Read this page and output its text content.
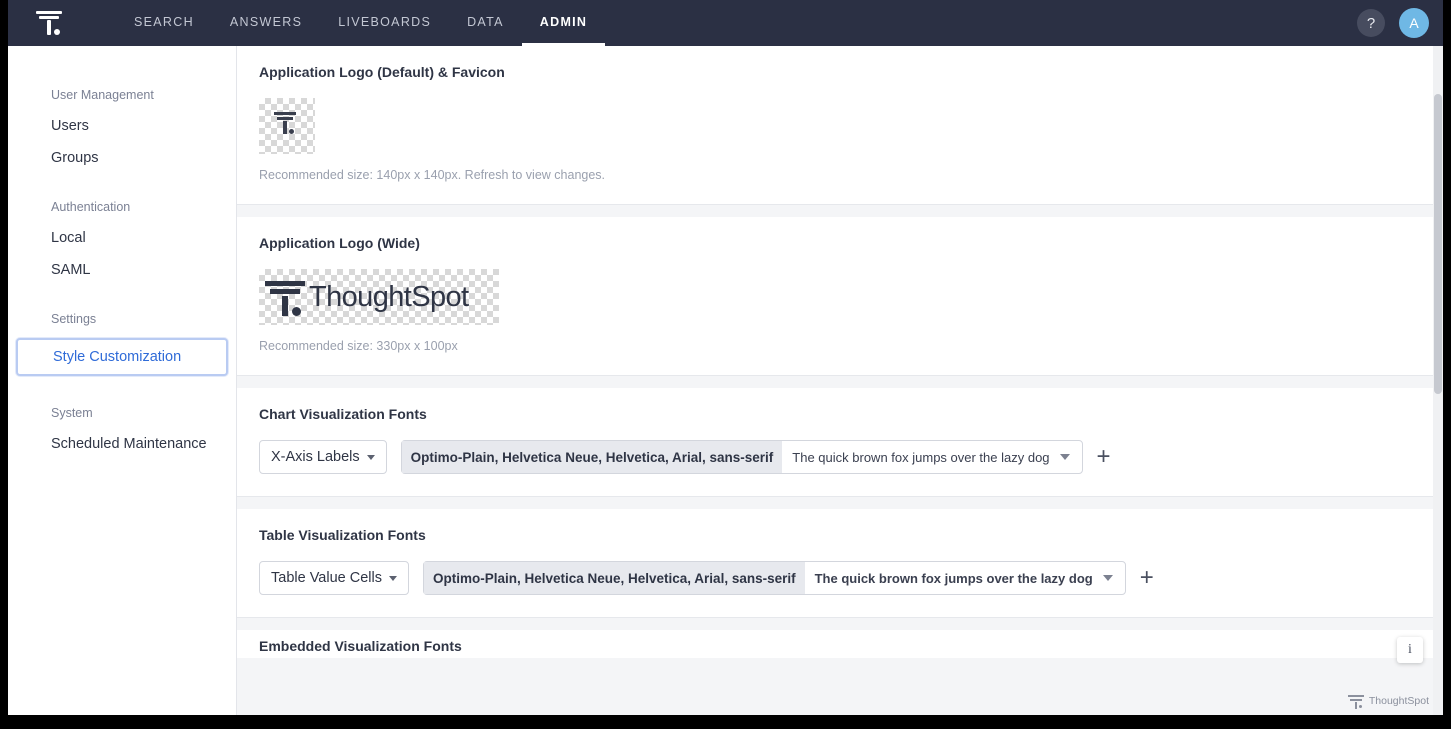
SEARCH	ANSWERS	LIVEBOARDS	DATA	ADMIN	?	A
User Management
Users
Groups
Authentication
Local
SAML
Settings
Style Customization
System
Scheduled Maintenance
Application Logo (Default) & Favicon
Recommended size: 140px x 140px. Refresh to view changes.
Application Logo (Wide)
ThoughtSpot
Recommended size: 330px x 100px
Chart Visualization Fonts
X-Axis Labels	Optimo-Plain, Helvetica Neue, Helvetica, Arial, sans-serif	The quick brown fox jumps over the lazy dog	+
Table Visualization Fonts
Table Value Cells	Optimo-Plain, Helvetica Neue, Helvetica, Arial, sans-serif	The quick brown fox jumps over the lazy dog	+
Embedded Visualization Fonts	i
ThoughtSpot
